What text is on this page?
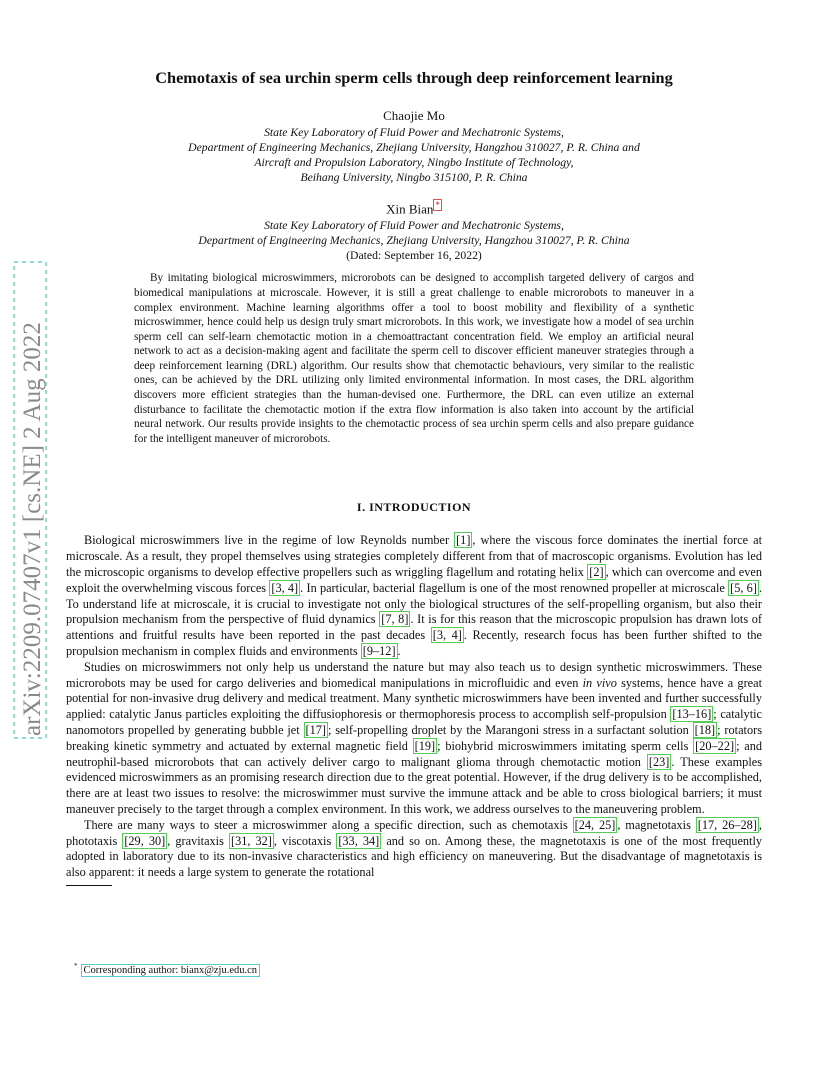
arXiv:2209.07407v1 [cs.NE] 2 Aug 2022
Chemotaxis of sea urchin sperm cells through deep reinforcement learning
Chaojie Mo
State Key Laboratory of Fluid Power and Mechatronic Systems,
Department of Engineering Mechanics, Zhejiang University, Hangzhou 310027, P. R. China and
Aircraft and Propulsion Laboratory, Ningbo Institute of Technology,
Beihang University, Ningbo 315100, P. R. China
Xin Bian *
State Key Laboratory of Fluid Power and Mechatronic Systems,
Department of Engineering Mechanics, Zhejiang University, Hangzhou 310027, P. R. China
(Dated: September 16, 2022)
By imitating biological microswimmers, microrobots can be designed to accomplish targeted delivery of cargos and biomedical manipulations at microscale. However, it is still a great challenge to enable microrobots to maneuver in a complex environment. Machine learning algorithms offer a tool to boost mobility and flexibility of a synthetic microswimmer, hence could help us design truly smart microrobots. In this work, we investigate how a model of sea urchin sperm cell can self-learn chemotactic motion in a chemoattractant concentration field. We employ an artificial neural network to act as a decision-making agent and facilitate the sperm cell to discover efficient maneuver strategies through a deep reinforcement learning (DRL) algorithm. Our results show that chemotactic behaviours, very similar to the realistic ones, can be achieved by the DRL utilizing only limited environmental information. In most cases, the DRL algorithm discovers more efficient strategies than the human-devised one. Furthermore, the DRL can even utilize an external disturbance to facilitate the chemotactic motion if the extra flow information is also taken into account by the artificial neural network. Our results provide insights to the chemotactic process of sea urchin sperm cells and also prepare guidance for the intelligent maneuver of microrobots.
I. INTRODUCTION

Biological microswimmers live in the regime of low Reynolds number [1] , where the viscous force dominates the inertial force at microscale. As a result, they propel themselves using strategies completely different from that of macroscopic organisms. Evolution has led the microscopic organisms to develop effective propellers such as wriggling flagellum and rotating helix [2] , which can overcome and even exploit the overwhelming viscous forces [3, 4] . In particular, bacterial flagellum is one of the most renowned propeller at microscale [5, 6] . To understand life at microscale, it is crucial to investigate not only the biological structures of the self-propelling organism, but also their propulsion mechanism from the perspective of fluid dynamics [7, 8] . It is for this reason that the microscopic propulsion has drawn lots of attentions and fruitful results have been reported in the past decades [3, 4] . Recently, research focus has been further shifted to the propulsion mechanism in complex fluids and environments [9–12] .

Studies on microswimmers not only help us understand the nature but may also teach us to design synthetic microswimmers. These microrobots may be used for cargo deliveries and biomedical manipulations in microfluidic and even in vivo systems, hence have a great potential for non-invasive drug delivery and medical treatment. Many synthetic microswimmers have been invented and further successfully applied: catalytic Janus particles exploiting the diffusiophoresis or thermophoresis process to accomplish self-propulsion [13–16] ; catalytic nanomotors propelled by generating bubble jet [17] ; self-propelling droplet by the Marangoni stress in a surfactant solution [18] ; rotators breaking kinetic symmetry and actuated by external magnetic field [19] ; biohybrid microswimmers imitating sperm cells [20–22] ; and neutrophil-based microrobots that can actively deliver cargo to malignant glioma through chemotactic motion [23] . These examples evidenced microswimmers as an promising research direction due to the great potential. However, if the drug delivery is to be accomplished, there are at least two issues to resolve: the microswimmer must survive the immune attack and be able to cross biological barriers; it must maneuver precisely to the target through a complex environment. In this work, we address ourselves to the maneuvering problem.

There are many ways to steer a microswimmer along a specific direction, such as chemotaxis [24, 25] , magnetotaxis [17, 26–28] , phototaxis [29, 30] , gravitaxis [31, 32] , viscotaxis [33, 34] and so on. Among these, the magnetotaxis is one of the most frequently adopted in laboratory due to its non-invasive characteristics and high efficiency on maneuvering. But the disadvantage of magnetotaxis is also apparent: it needs a large system to generate the rotational

* Corresponding author: bianx@zju.edu.cn
